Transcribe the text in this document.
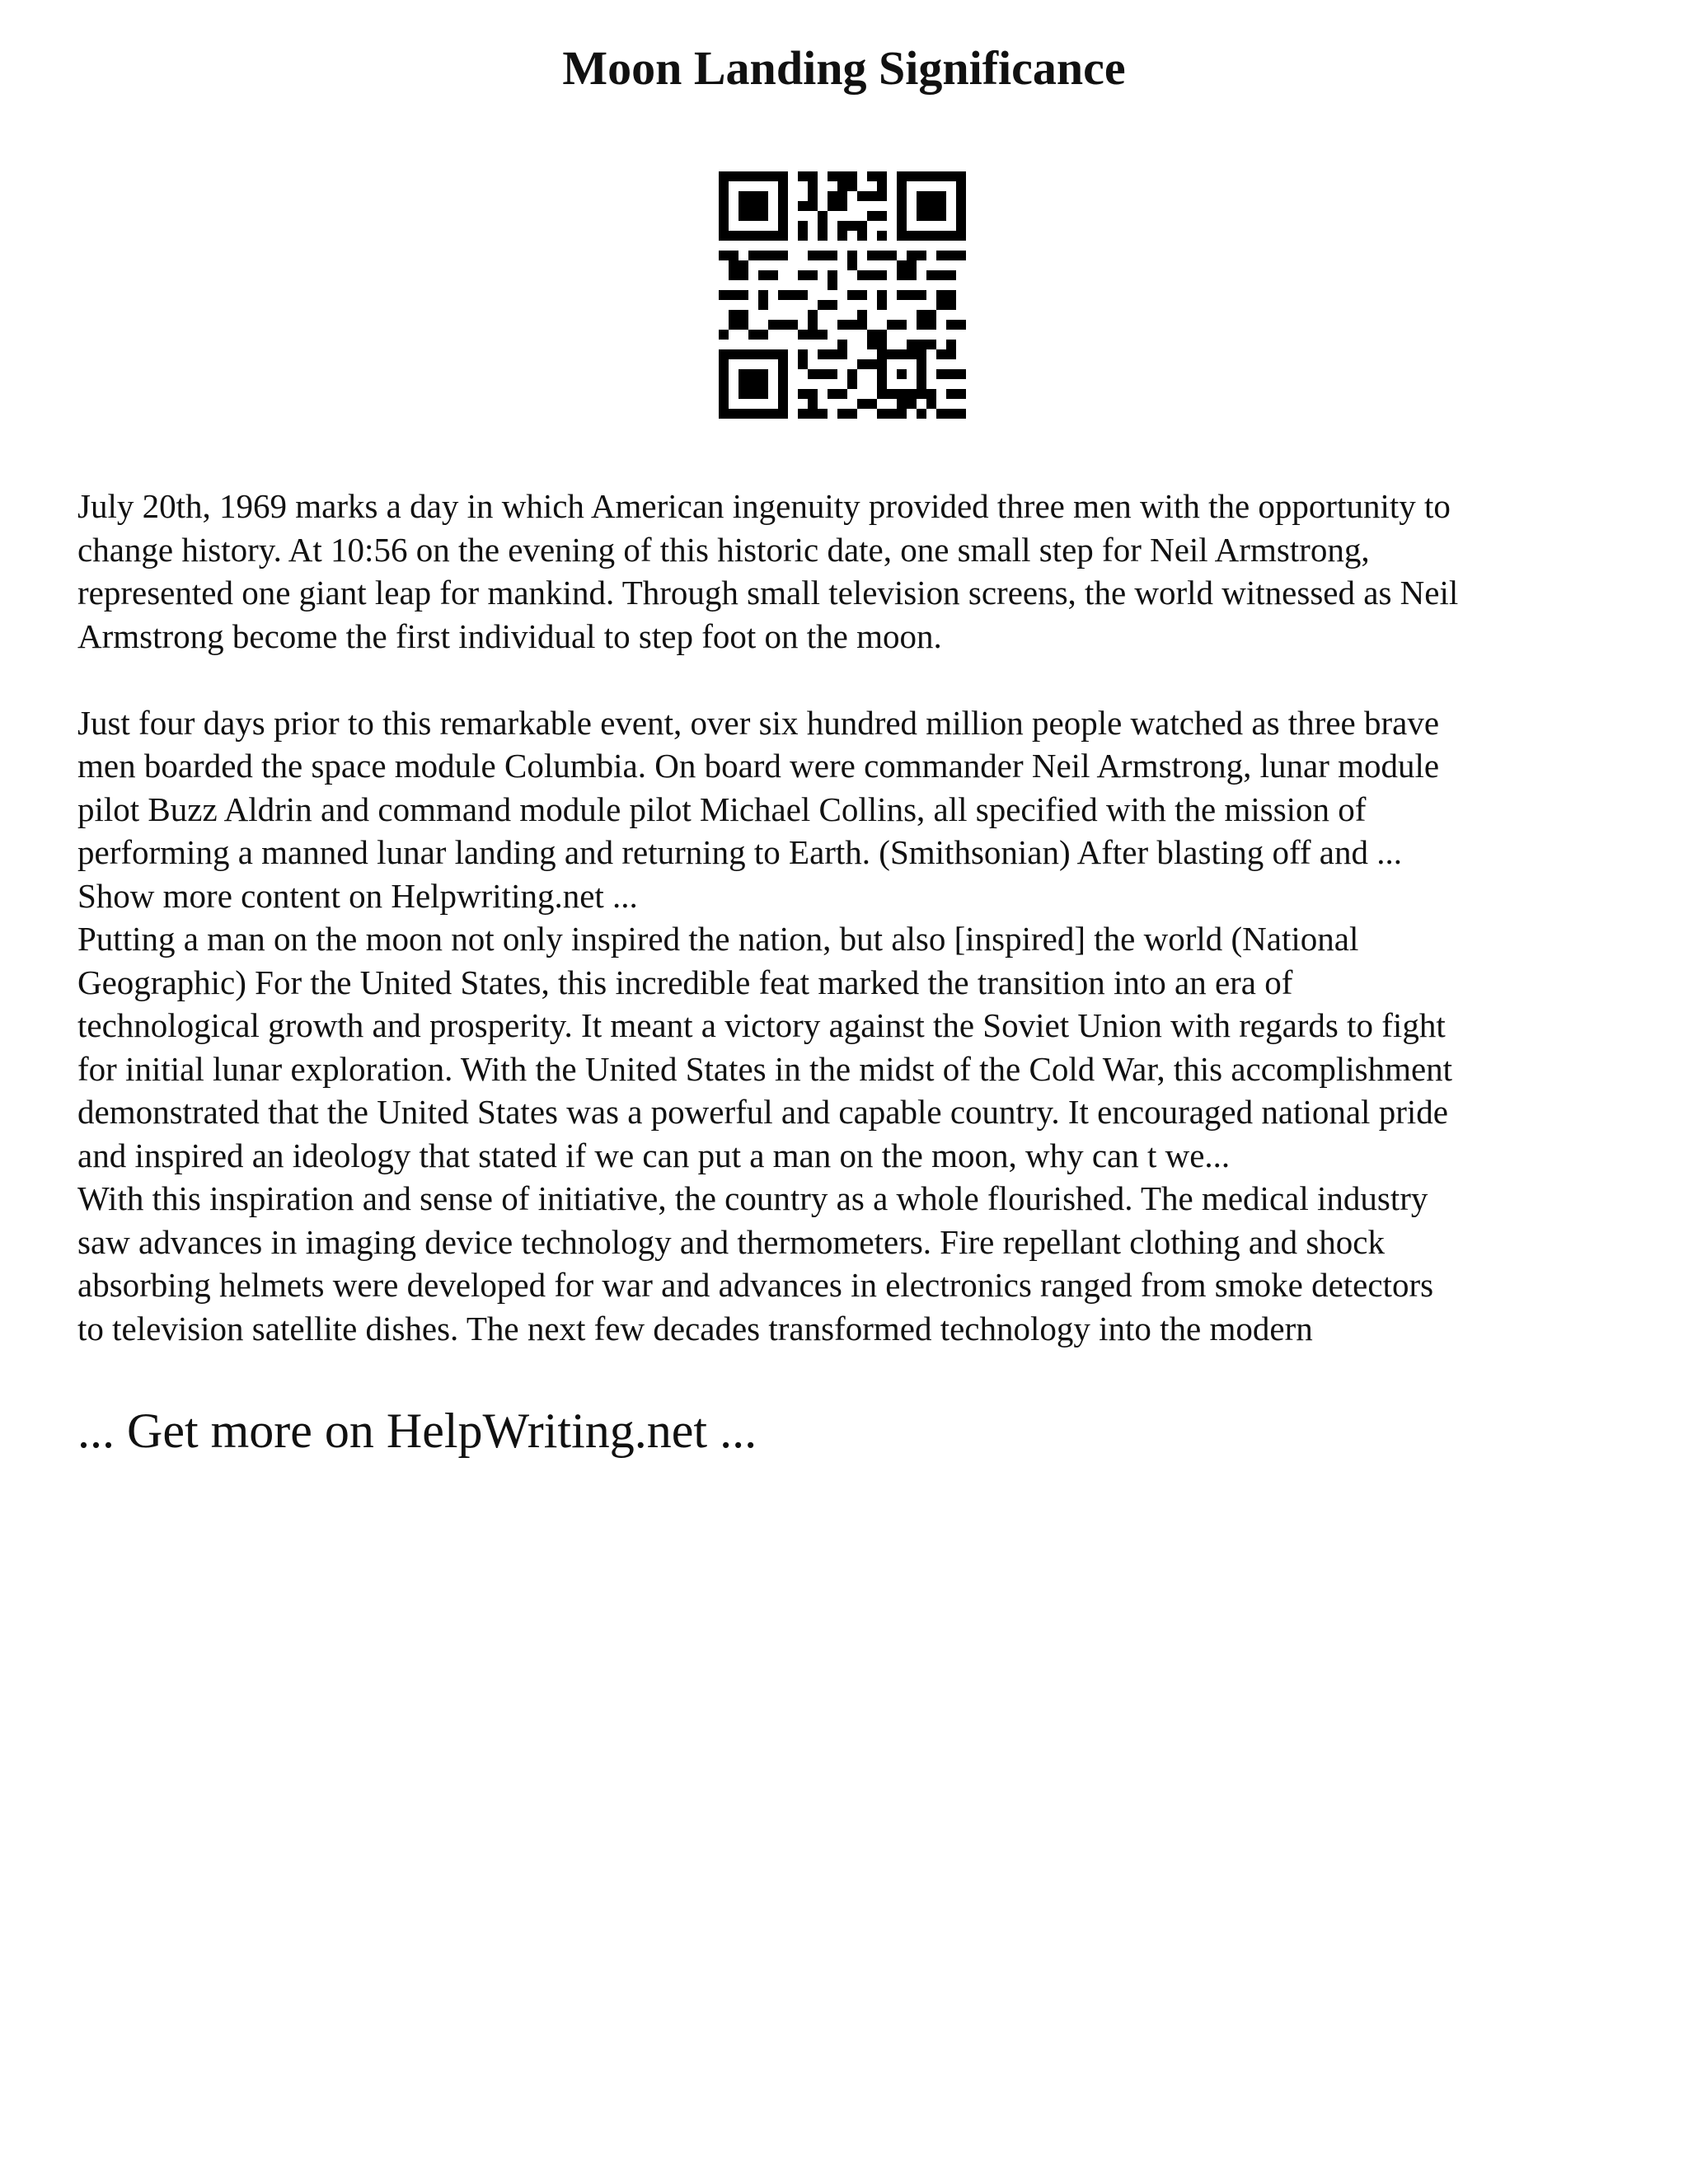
Moon Landing Significance

July 20th, 1969 marks a day in which American ingenuity provided three men with the opportunity to

change history. At 10:56 on the evening of this historic date, one small step for Neil Armstrong,

represented one giant leap for mankind. Through small television screens, the world witnessed as Neil

Armstrong become the first individual to step foot on the moon.

Just four days prior to this remarkable event, over six hundred million people watched as three brave

men boarded the space module Columbia. On board were commander Neil Armstrong, lunar module

pilot Buzz Aldrin and command module pilot Michael Collins, all specified with the mission of

performing a manned lunar landing and returning to Earth. (Smithsonian) After blasting off and ...

Show more content on Helpwriting.net ...

Putting a man on the moon not only inspired the nation, but also [inspired] the world (National

Geographic) For the United States, this incredible feat marked the transition into an era of

technological growth and prosperity. It meant a victory against the Soviet Union with regards to fight

for initial lunar exploration. With the United States in the midst of the Cold War, this accomplishment

demonstrated that the United States was a powerful and capable country. It encouraged national pride

and inspired an ideology that stated if we can put a man on the moon, why can t we...

With this inspiration and sense of initiative, the country as a whole flourished. The medical industry

saw advances in imaging device technology and thermometers. Fire repellant clothing and shock

absorbing helmets were developed for war and advances in electronics ranged from smoke detectors

to television satellite dishes. The next few decades transformed technology into the modern

... Get more on HelpWriting.net ...
